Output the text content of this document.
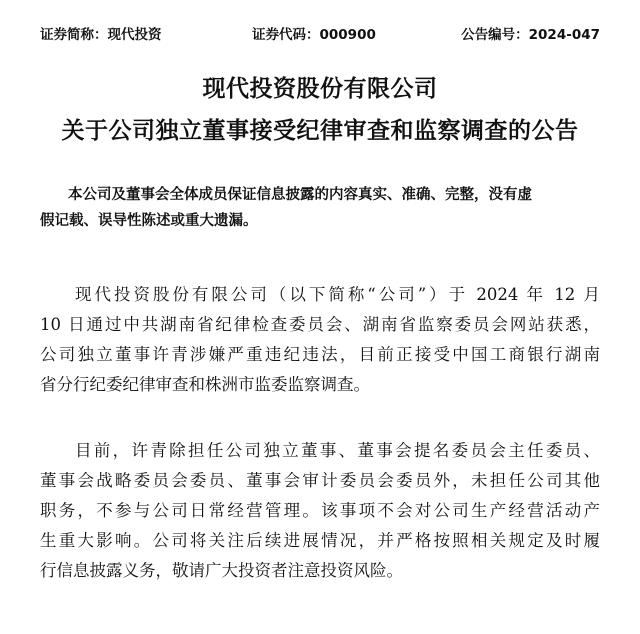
证券简称：现代投资	证券代码：000900	公告编号：2024-047
现代投资股份有限公司
关于公司独立董事接受纪律审查和监察调查的公告
本公司及董事会全体成员保证信息披露的内容真实、准确、完整，没有虚
假记载、误导性陈述或重大遗漏。
现代投资股份有限公司（以下简称“公司”）于 2024 年 12 月
10 日通过中共湖南省纪律检查委员会、湖南省监察委员会网站获悉，
公司独立董事许青涉嫌严重违纪违法，目前正接受中国工商银行湖南
省分行纪委纪律审查和株洲市监委监察调查。
目前，许青除担任公司独立董事、董事会提名委员会主任委员、
董事会战略委员会委员、董事会审计委员会委员外，未担任公司其他
职务，不参与公司日常经营管理。该事项不会对公司生产经营活动产
生重大影响。公司将关注后续进展情况，并严格按照相关规定及时履
行信息披露义务，敬请广大投资者注意投资风险。
